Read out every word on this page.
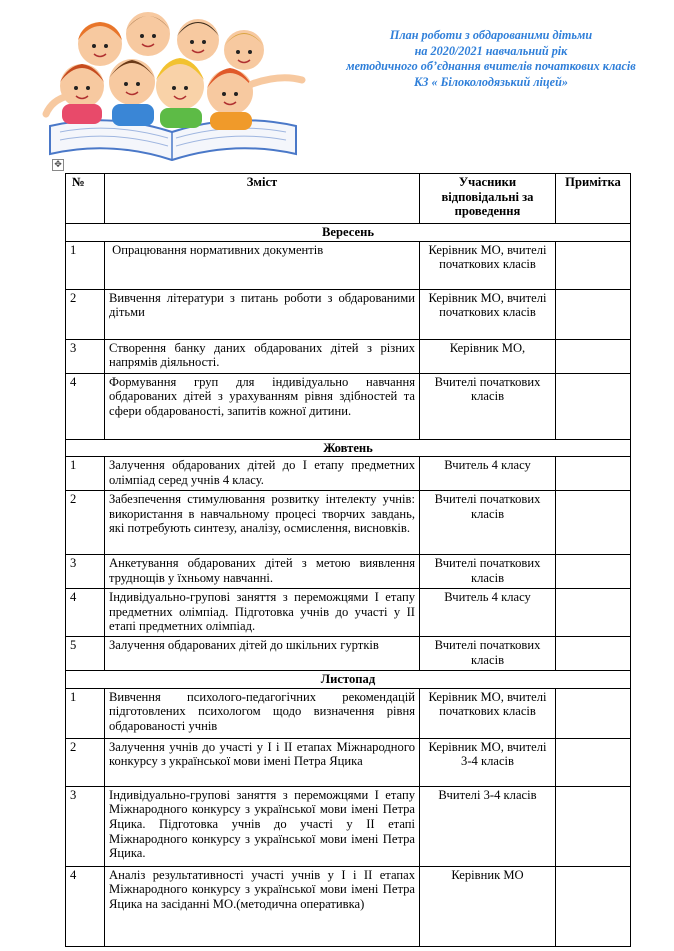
План роботи з обдарованими дітьми
на 2020/2021 навчальний рік
методичного об’єднання вчителів початкових класів
КЗ « Білоколодязький ліцей»
✥
№	Зміст	Учасники відповідальні за проведення	Примітка
Вересень			
1	Опрацювання нормативних документів	Керівник МО, вчителі початкових класів	
2	Вивчення літератури з питань роботи з обдарованими дітьми	Керівник МО, вчителі початкових класів	
3	Створення банку даних обдарованих дітей з різних напрямів діяльності.	Керівник МО,	
4	Формування груп для індивідуально навчання обдарованих дітей з урахуванням рівня здібностей та сфери обдарованості, запитів кожної дитини.	Вчителі початкових класів	
Жовтень			
1	Залучення обдарованих дітей до I етапу предметних олімпіад серед учнів 4 класу.	Вчитель 4 класу	
2	Забезпечення стимулювання розвитку інтелекту учнів: використання в навчальному процесі творчих завдань, які потребують синтезу, аналізу, осмислення, висновків.	Вчителі початкових класів	
3	Анкетування обдарованих дітей з метою виявлення труднощів у їхньому навчанні.	Вчителі початкових класів	
4	Індивідуально-групові заняття з переможцями І етапу предметних олімпіад. Підготовка учнів до участі у ІІ етапі предметних олімпіад.	Вчитель 4 класу	
5	Залучення обдарованих дітей до шкільних гуртків	Вчителі початкових класів	
Листопад			
1	Вивчення психолого-педагогічних рекомендацій підготовлених психологом щодо визначення рівня обдарованості учнів	Керівник МО, вчителі початкових класів	
2	Залучення учнів до участі у І і ІІ етапах Міжнародного конкурсу з української мови імені Петра Яцика	Керівник МО, вчителі 3-4 класів	
3	Індивідуально-групові заняття з переможцями І етапу Міжнародного конкурсу з української мови імені Петра Яцика. Підготовка учнів до участі у ІІ етапі Міжнародного конкурсу з української мови імені Петра Яцика.	Вчителі 3-4 класів	
4	Аналіз результативності участі учнів у І і ІІ етапах Міжнародного конкурсу з української мови імені Петра Яцика на засіданні МО.(методична оперативка)	Керівник МО	
